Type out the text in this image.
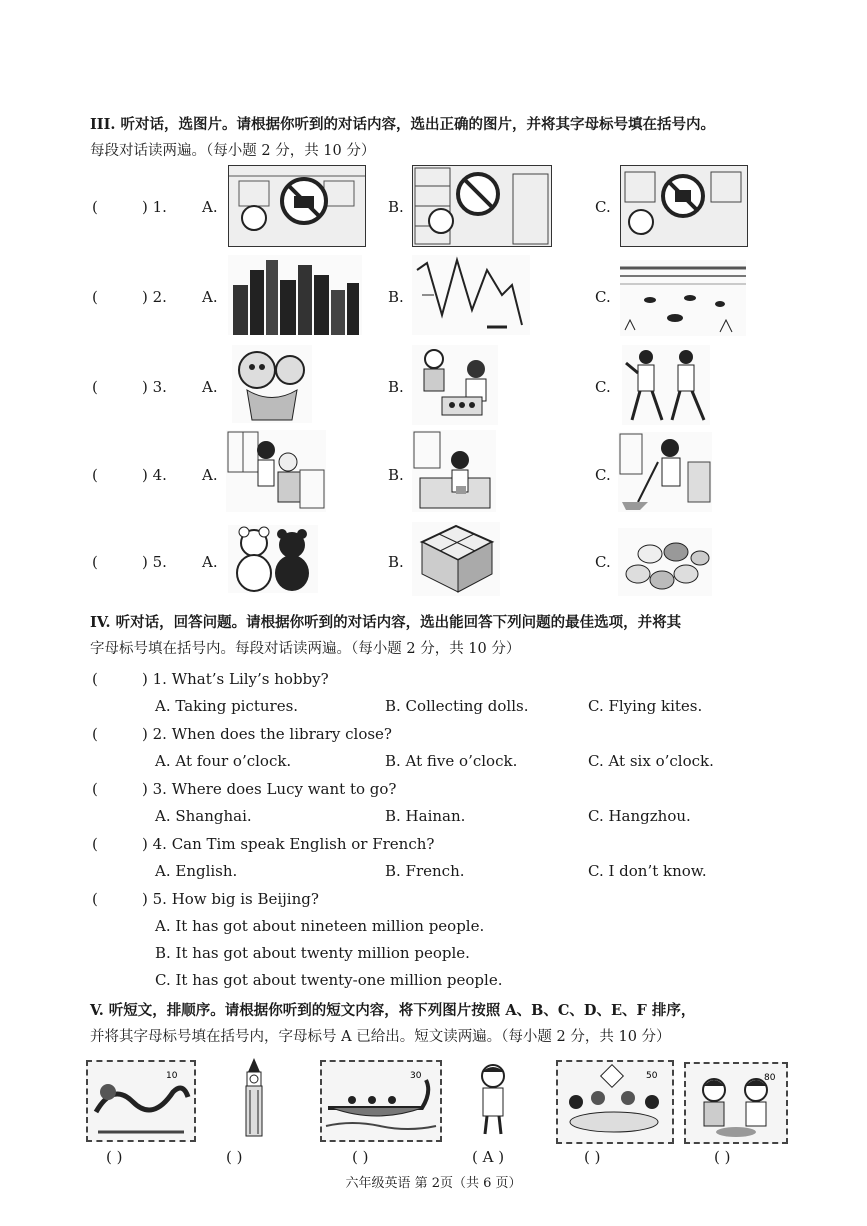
III. 听对话，选图片。请根据你听到的对话内容，选出正确的图片，并将其字母标号填在括号内。
每段对话读两遍。（每小题 2 分，共 10 分）
(	) 1. A.	B.	C.
(	) 2. A.	B.	C.
(	) 3. A.	B.	C.
(	) 4. A.	B.	C.
(	) 5. A.	B.	C.
IV. 听对话，回答问题。请根据你听到的对话内容，选出能回答下列问题的最佳选项，并将其
字母标号填在括号内。每段对话读两遍。（每小题 2 分，共 10 分）
(	) 1. What’s Lily’s hobby?
A. Taking pictures.	B. Collecting dolls.	C. Flying kites.
(	) 2. When does the library close?
A. At four o’clock.	B. At five o’clock.	C. At six o’clock.
(	) 3. Where does Lucy want to go?
A. Shanghai.	B. Hainan.	C. Hangzhou.
(	) 4. Can Tim speak English or French?
A. English.	B. French.	C. I don’t know.
(	) 5. How big is Beijing?
A. It has got about nineteen million people.
B. It has got about twenty million people.
C. It has got about twenty-one million people.
V. 听短文，排顺序。请根据你听到的短文内容，将下列图片按照 A、B、C、D、E、F 排序，
并将其字母标号填在括号内，字母标号 A 已给出。短文读两遍。（每小题 2 分，共 10 分）
10	30	50	80
( )	( )	( )	( A )	( )	( )
六年级英语 第 2页（共 6 页）
